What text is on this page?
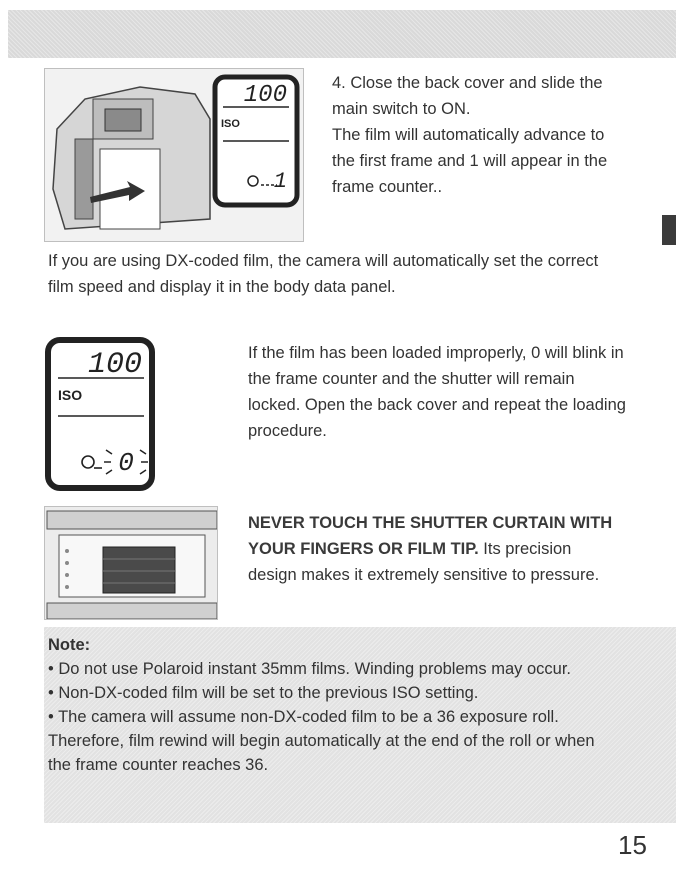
100
ISO
1

4. Close the back cover and slide the

main switch to ON.

The film will automatically advance to

the first frame and 1 will appear in the

frame counter..

If you are using DX-coded film, the camera will automatically set the correct

film speed and display it in the body data panel.

100
ISO
0

If the film has been loaded improperly, 0 will blink in

the frame counter and the shutter will remain

locked. Open the back cover and repeat the loading

procedure.

NEVER TOUCH THE SHUTTER CURTAIN WITH

YOUR FINGERS OR FILM TIP. Its precision

design makes it extremely sensitive to pressure.

Note:

• Do not use Polaroid instant 35mm films. Winding problems may occur.

• Non-DX-coded film will be set to the previous ISO setting.

• The camera will assume non-DX-coded film to be a 36 exposure roll.

Therefore, film rewind will begin automatically at the end of the roll or when

the frame counter reaches 36.

15
